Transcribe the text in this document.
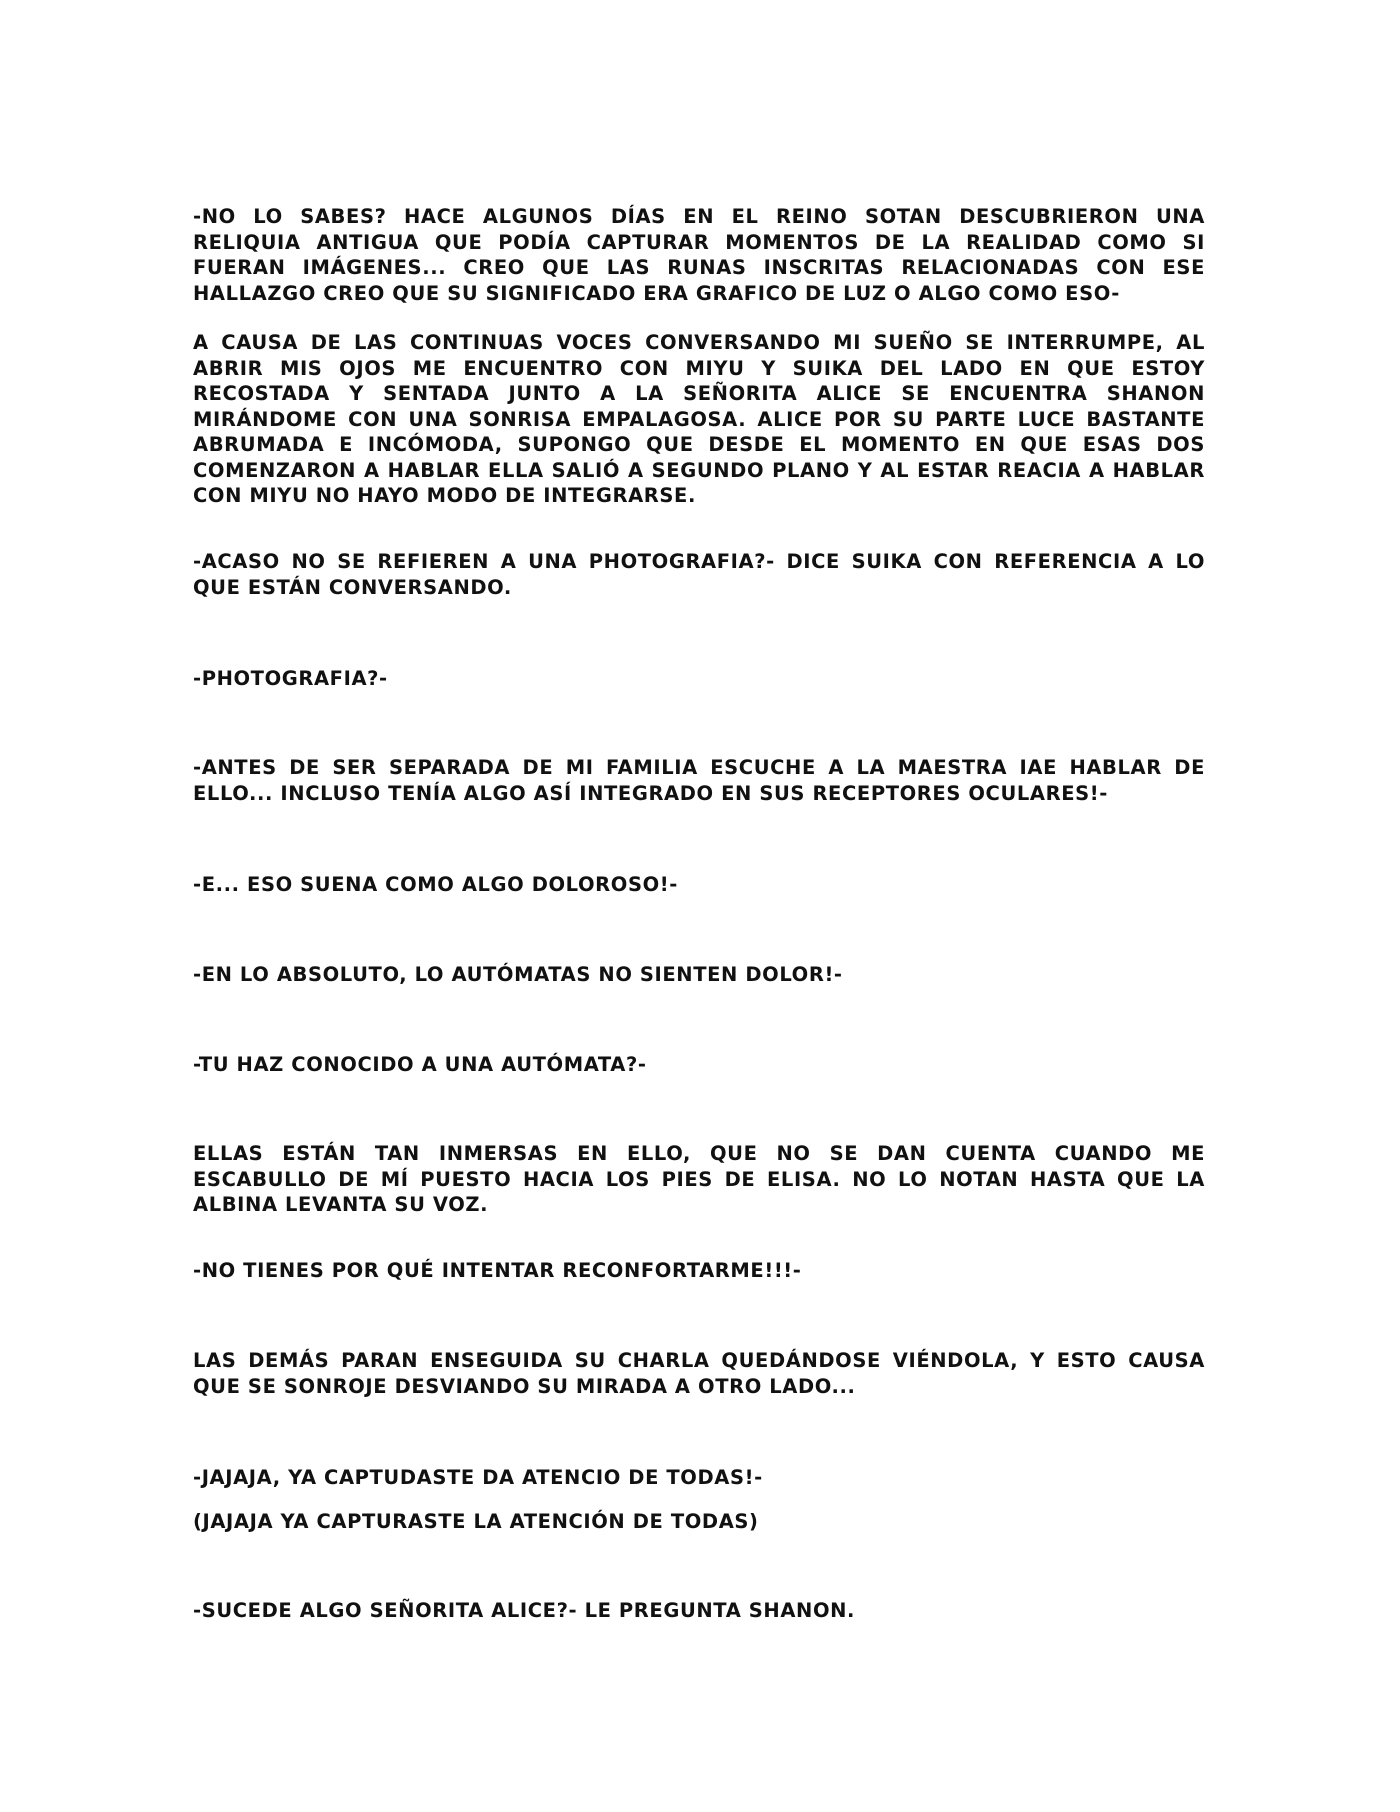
-NO LO SABES? HACE ALGUNOS DÍAS EN EL REINO SOTAN DESCUBRIERON UNA RELIQUIA ANTIGUA QUE PODÍA CAPTURAR MOMENTOS DE LA REALIDAD COMO SI FUERAN IMÁGENES... CREO QUE LAS RUNAS INSCRITAS RELACIONADAS CON ESE HALLAZGO CREO QUE SU SIGNIFICADO ERA GRAFICO DE LUZ O ALGO COMO ESO-

A CAUSA DE LAS CONTINUAS VOCES CONVERSANDO MI SUEÑO SE INTERRUMPE, AL ABRIR MIS OJOS ME ENCUENTRO CON MIYU Y SUIKA DEL LADO EN QUE ESTOY RECOSTADA Y SENTADA JUNTO A LA SEÑORITA ALICE SE ENCUENTRA SHANON MIRÁNDOME CON UNA SONRISA EMPALAGOSA. ALICE POR SU PARTE LUCE BASTANTE ABRUMADA E INCÓMODA, SUPONGO QUE DESDE EL MOMENTO EN QUE ESAS DOS COMENZARON A HABLAR ELLA SALIÓ A SEGUNDO PLANO Y AL ESTAR REACIA A HABLAR CON MIYU NO HAYO MODO DE INTEGRARSE.

-ACASO NO SE REFIEREN A UNA PHOTOGRAFIA?- DICE SUIKA CON REFERENCIA A LO QUE ESTÁN CONVERSANDO.

-PHOTOGRAFIA?-

-ANTES DE SER SEPARADA DE MI FAMILIA ESCUCHE A LA MAESTRA IAE HABLAR DE ELLO... INCLUSO TENÍA ALGO ASÍ INTEGRADO EN SUS RECEPTORES OCULARES!-

-E... ESO SUENA COMO ALGO DOLOROSO!-

-EN LO ABSOLUTO, LO AUTÓMATAS NO SIENTEN DOLOR!-

-TU HAZ CONOCIDO A UNA AUTÓMATA?-

ELLAS ESTÁN TAN INMERSAS EN ELLO, QUE NO SE DAN CUENTA CUANDO ME ESCABULLO DE MÍ PUESTO HACIA LOS PIES DE ELISA. NO LO NOTAN HASTA QUE LA ALBINA LEVANTA SU VOZ.

-NO TIENES POR QUÉ INTENTAR RECONFORTARME!!!-

LAS DEMÁS PARAN ENSEGUIDA SU CHARLA QUEDÁNDOSE VIÉNDOLA, Y ESTO CAUSA QUE SE SONROJE DESVIANDO SU MIRADA A OTRO LADO...

-JAJAJA, YA CAPTUDASTE DA ATENCIO DE TODAS!-

(JAJAJA YA CAPTURASTE LA ATENCIÓN DE TODAS)

-SUCEDE ALGO SEÑORITA ALICE?- LE PREGUNTA SHANON.
